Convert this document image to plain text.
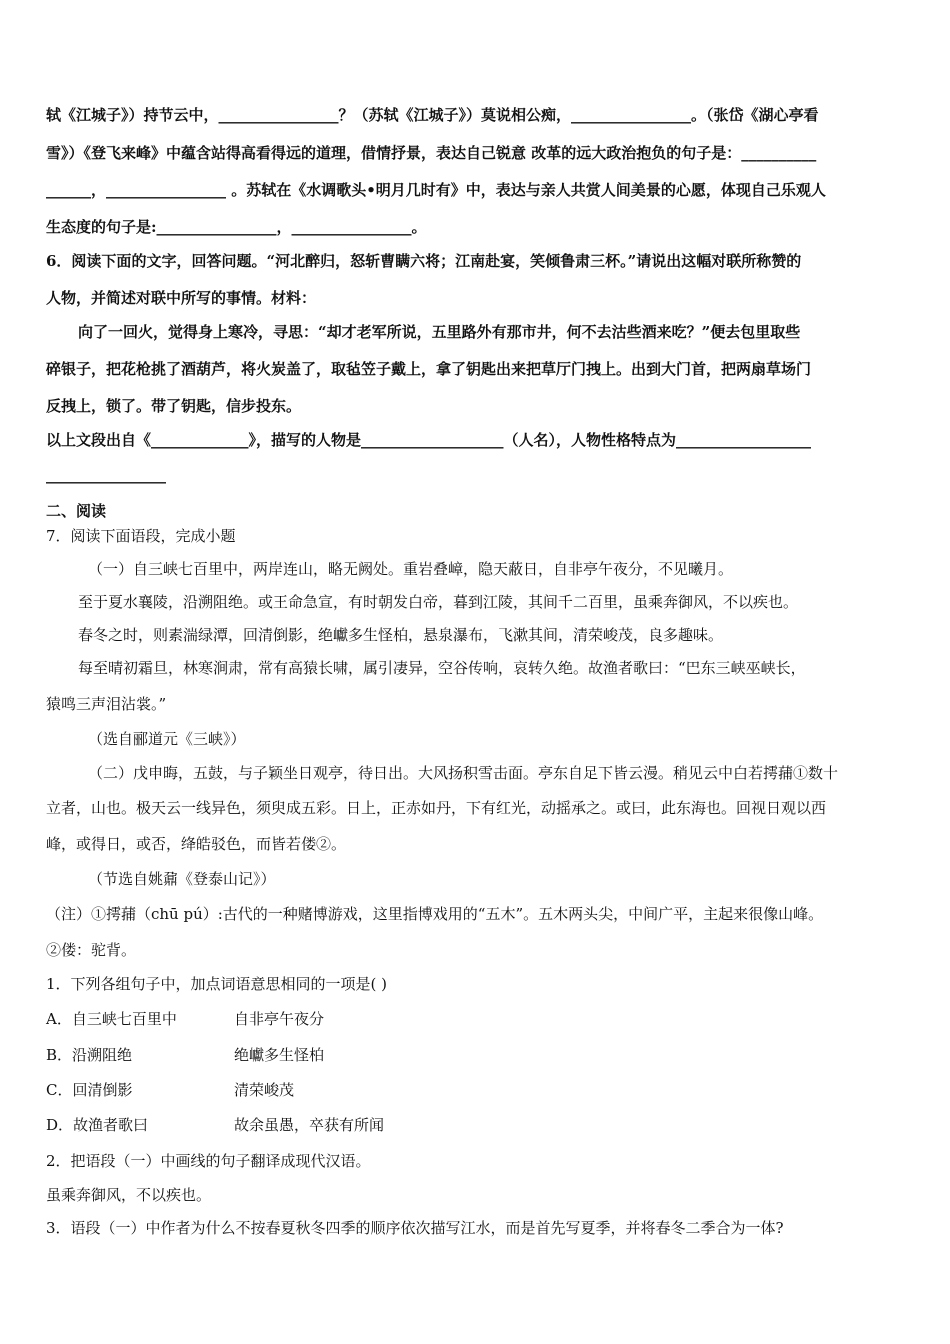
轼《江城子》）持节云中，________________？（苏轼《江城子》）莫说相公痴，________________。（张岱《湖心亭看
雪》）《登飞来峰》中蕴含站得高看得远的道理，借情抒景，表达自己锐意 改革的远大政治抱负的句子是：__________
______，________________ 。苏轼在《水调歌头•明月几时有》中，表达与亲人共赏人间美景的心愿，体现自己乐观人
生态度的句子是:________________，________________。
6．阅读下面的文字，回答问题。“河北醉归，怒斩曹瞒六将；江南赴宴，笑倾鲁肃三杯。”请说出这幅对联所称赞的
人物，并简述对联中所写的事情。材料：
向了一回火，觉得身上寒冷，寻思：“却才老军所说，五里路外有那市井，何不去沽些酒来吃？”便去包里取些
碎银子，把花枪挑了酒葫芦，将火炭盖了，取毡笠子戴上，拿了钥匙出来把草厅门拽上。出到大门首，把两扇草场门
反拽上，锁了。带了钥匙，信步投东。
以上文段出自《_____________》，描写的人物是___________________（人名），人物性格特点为__________________
________________
二、阅读
7．阅读下面语段，完成小题
（一）自三峡七百里中，两岸连山，略无阙处。重岩叠嶂，隐天蔽日，自非亭午夜分，不见曦月。
至于夏水襄陵，沿溯阻绝。或王命急宣，有时朝发白帝，暮到江陵，其间千二百里，虽乘奔御风，不以疾也。
春冬之时，则素湍绿潭，回清倒影，绝巘多生怪柏，悬泉瀑布，飞漱其间，清荣峻茂，良多趣味。
每至晴初霜旦，林寒涧肃，常有高猿长啸，属引凄异，空谷传响，哀转久绝。故渔者歌曰：“巴东三峡巫峡长，
猿鸣三声泪沾裳。”
（选自郦道元《三峡》）
（二）戊申晦，五鼓，与子颖坐日观亭，待日出。大风扬积雪击面。亭东自足下皆云漫。稍见云中白若摴蒱①数十
立者，山也。极天云一线异色，须臾成五彩。日上，正赤如丹，下有红光，动摇承之。或曰，此东海也。回视日观以西
峰，或得日，或否，绛皓驳色，而皆若偻②。
（节选自姚鼐《登泰山记》）
（注）①摴蒱（chū pú）:古代的一种赌博游戏，这里指博戏用的“五木”。五木两头尖，中间广平，主起来很像山峰。
②偻：驼背。
1．下列各组句子中，加点词语意思相同的一项是( )
A．自三峡七百里中	自非亭午夜分
B．沿溯阻绝	绝巘多生怪柏
C．回清倒影	清荣峻茂
D．故渔者歌曰	故余虽愚，卒获有所闻
2．把语段（一）中画线的句子翻译成现代汉语。
虽乘奔御风，不以疾也。
3．语段（一）中作者为什么不按春夏秋冬四季的顺序依次描写江水，而是首先写夏季，并将春冬二季合为一体?
